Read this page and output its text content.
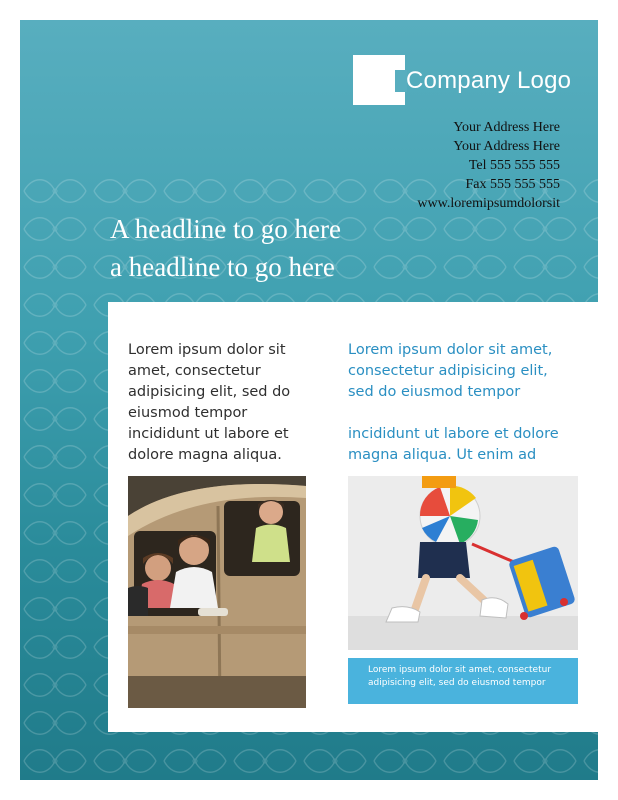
Company Logo
Your Address Here
Your Address Here
Tel 555 555 555
Fax 555 555 555
www.loremipsumdolorsit
A headline to go here
a headline to go here

Lorem ipsum dolor sit amet, consectetur adipisicing elit, sed do eiusmod tempor incididunt ut labore et dolore magna aliqua.

Lorem ipsum dolor sit amet, consectetur adipisicing elit, sed do eiusmod tempor

incididunt ut labore et dolore magna aliqua. Ut enim ad

Lorem ipsum dolor sit amet, consectetur adipisicing elit, sed do eiusmod tempor
